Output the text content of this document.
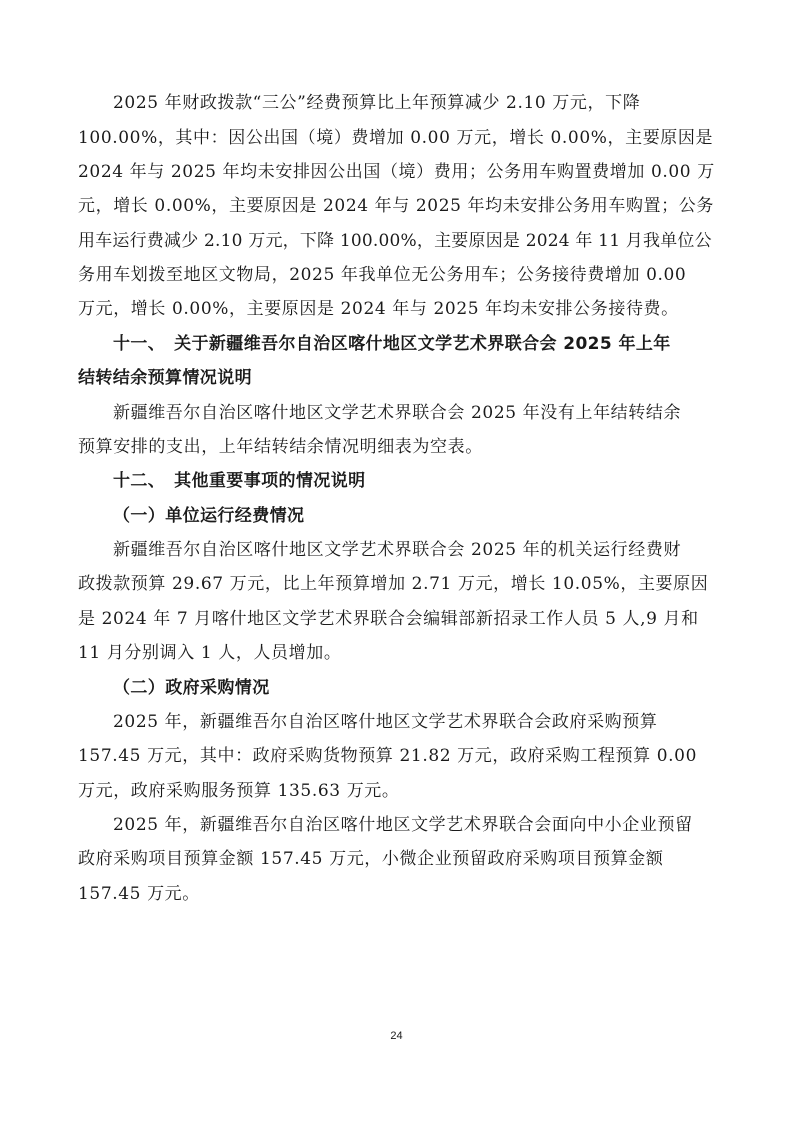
2025 年财政拨款“三公”经费预算比上年预算减少 2.10 万元，下降
100.00%，其中：因公出国（境）费增加 0.00 万元，增长 0.00%，主要原因是
2024 年与 2025 年均未安排因公出国（境）费用；公务用车购置费增加 0.00 万
元，增长 0.00%，主要原因是 2024 年与 2025 年均未安排公务用车购置；公务
用车运行费减少 2.10 万元，下降 100.00%，主要原因是 2024 年 11 月我单位公
务用车划拨至地区文物局，2025 年我单位无公务用车；公务接待费增加 0.00
万元，增长 0.00%，主要原因是 2024 年与 2025 年均未安排公务接待费。
十一、　关于新疆维吾尔自治区喀什地区文学艺术界联合会 2025 年上年
结转结余预算情况说明
新疆维吾尔自治区喀什地区文学艺术界联合会 2025 年没有上年结转结余
预算安排的支出，上年结转结余情况明细表为空表。
十二、　其他重要事项的情况说明
（一）单位运行经费情况
新疆维吾尔自治区喀什地区文学艺术界联合会 2025 年的机关运行经费财
政拨款预算 29.67 万元，比上年预算增加 2.71 万元，增长 10.05%，主要原因
是 2024 年 7 月喀什地区文学艺术界联合会编辑部新招录工作人员 5 人,9 月和
11 月分别调入 1 人，人员增加。
（二）政府采购情况
2025 年，新疆维吾尔自治区喀什地区文学艺术界联合会政府采购预算
157.45 万元，其中：政府采购货物预算 21.82 万元，政府采购工程预算 0.00
万元，政府采购服务预算 135.63 万元。
2025 年，新疆维吾尔自治区喀什地区文学艺术界联合会面向中小企业预留
政府采购项目预算金额 157.45 万元，小微企业预留政府采购项目预算金额
157.45 万元。
24
